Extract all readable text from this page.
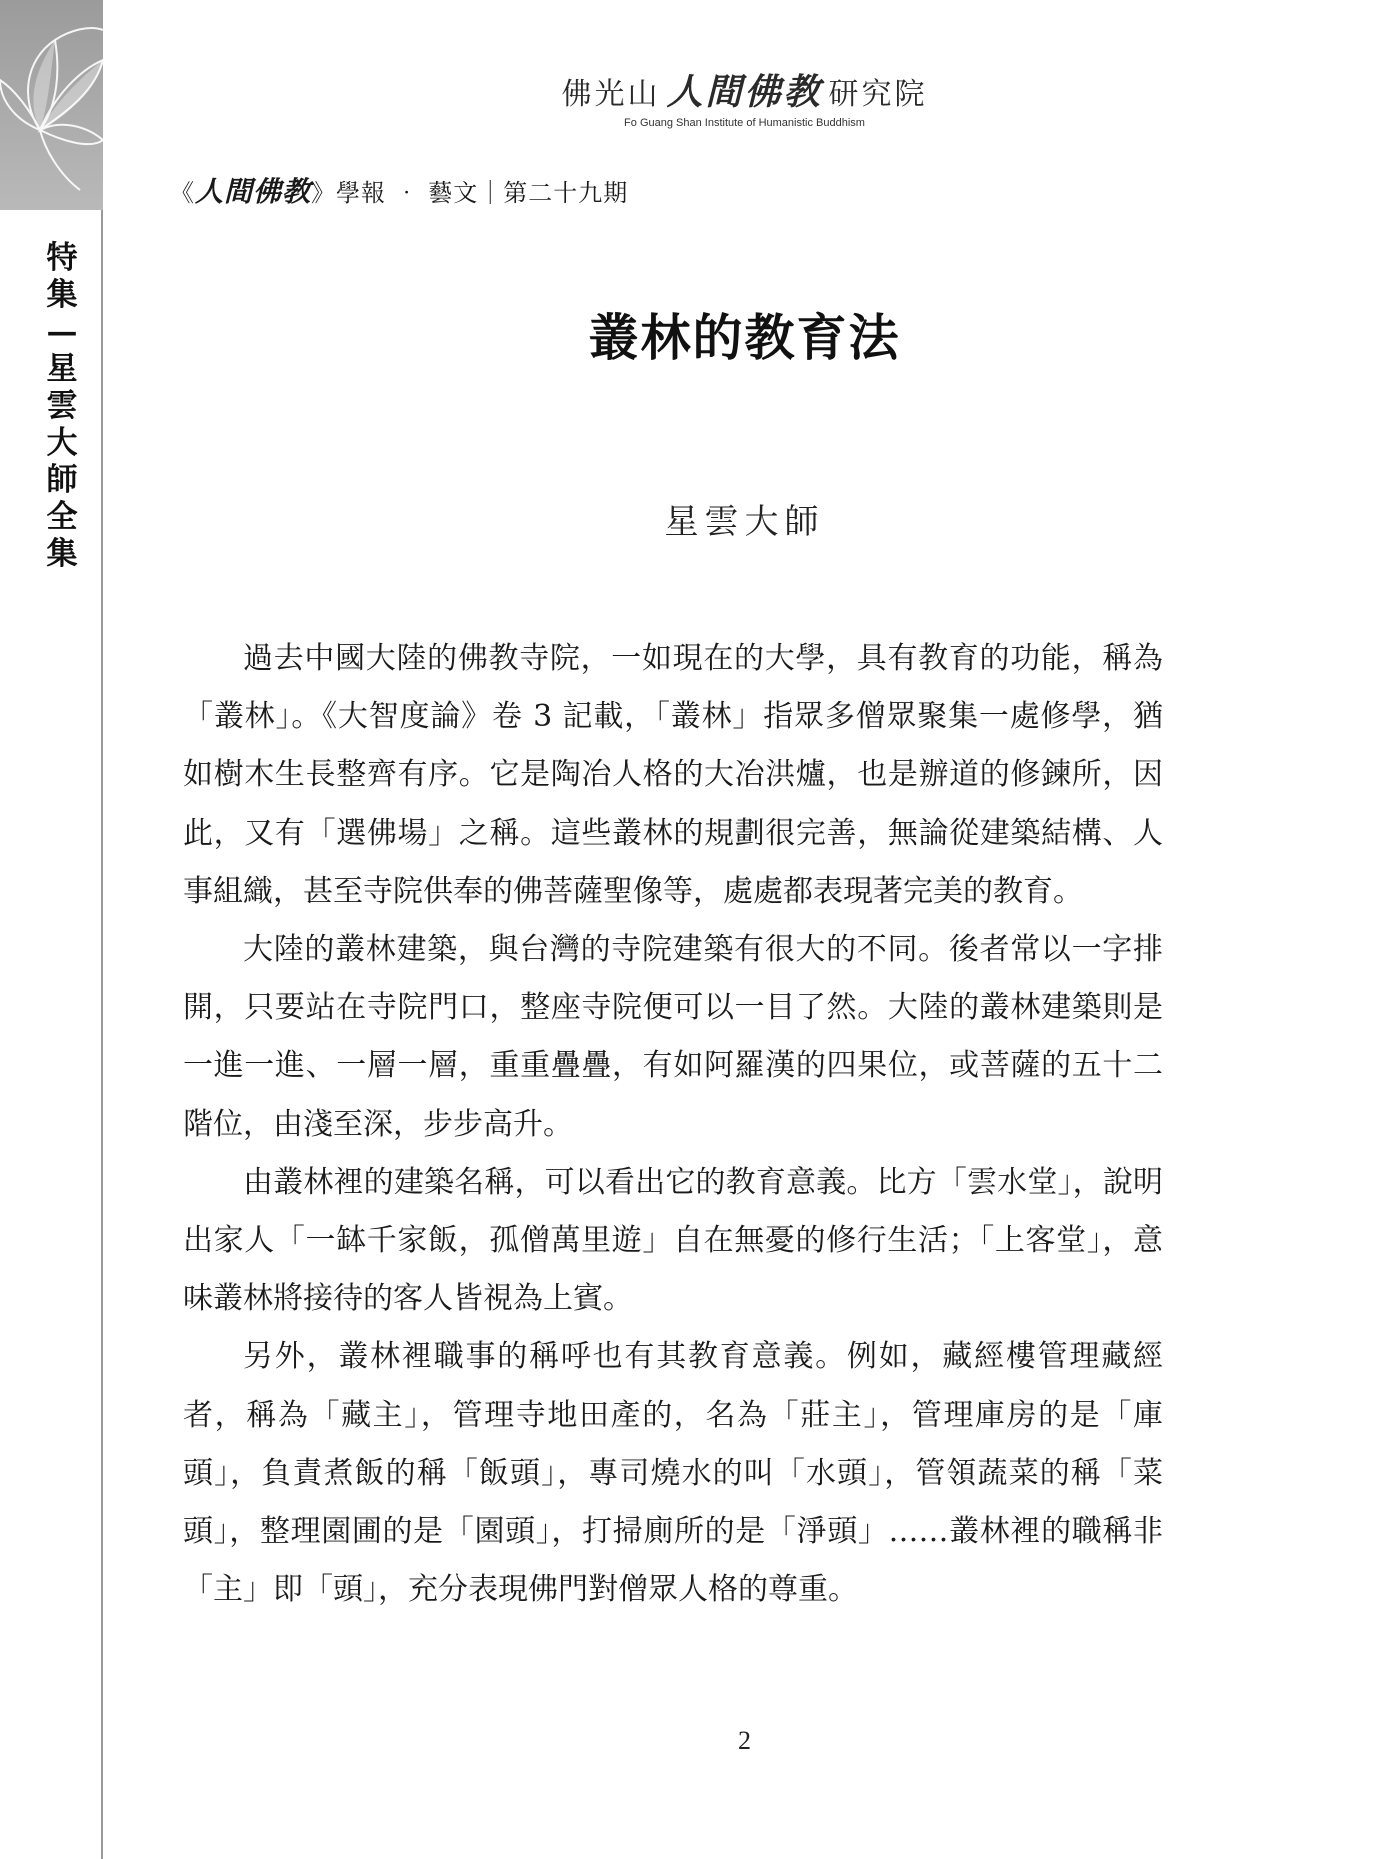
特
集
—
星
雲
大
師
全
集
佛光山 人間佛教 研究院
Fo Guang Shan Institute of Humanistic Buddhism
《人間佛教》學報 ‧ 藝文｜第二十九期
叢林的教育法
星雲大師

過去中國大陸的佛教寺院，一如現在的大學，具有教育的功能，稱為「叢林」。《大智度論》卷 3 記載，「叢林」指眾多僧眾聚集一處修學，猶如樹木生長整齊有序。它是陶冶人格的大冶洪爐，也是辦道的修鍊所，因此，又有「選佛場」之稱。這些叢林的規劃很完善，無論從建築結構、人事組織，甚至寺院供奉的佛菩薩聖像等，處處都表現著完美的教育。

大陸的叢林建築，與台灣的寺院建築有很大的不同。後者常以一字排開，只要站在寺院門口，整座寺院便可以一目了然。大陸的叢林建築則是一進一進、一層一層，重重疊疊，有如阿羅漢的四果位，或菩薩的五十二階位，由淺至深，步步高升。

由叢林裡的建築名稱，可以看出它的教育意義。比方「雲水堂」，說明出家人「一缽千家飯，孤僧萬里遊」自在無憂的修行生活；「上客堂」，意味叢林將接待的客人皆視為上賓。

另外，叢林裡職事的稱呼也有其教育意義。例如，藏經樓管理藏經者，稱為「藏主」，管理寺地田產的，名為「莊主」，管理庫房的是「庫頭」，負責煮飯的稱「飯頭」，專司燒水的叫「水頭」，管領蔬菜的稱「菜頭」，整理園圃的是「園頭」，打掃廁所的是「淨頭」……叢林裡的職稱非「主」即「頭」，充分表現佛門對僧眾人格的尊重。

2
